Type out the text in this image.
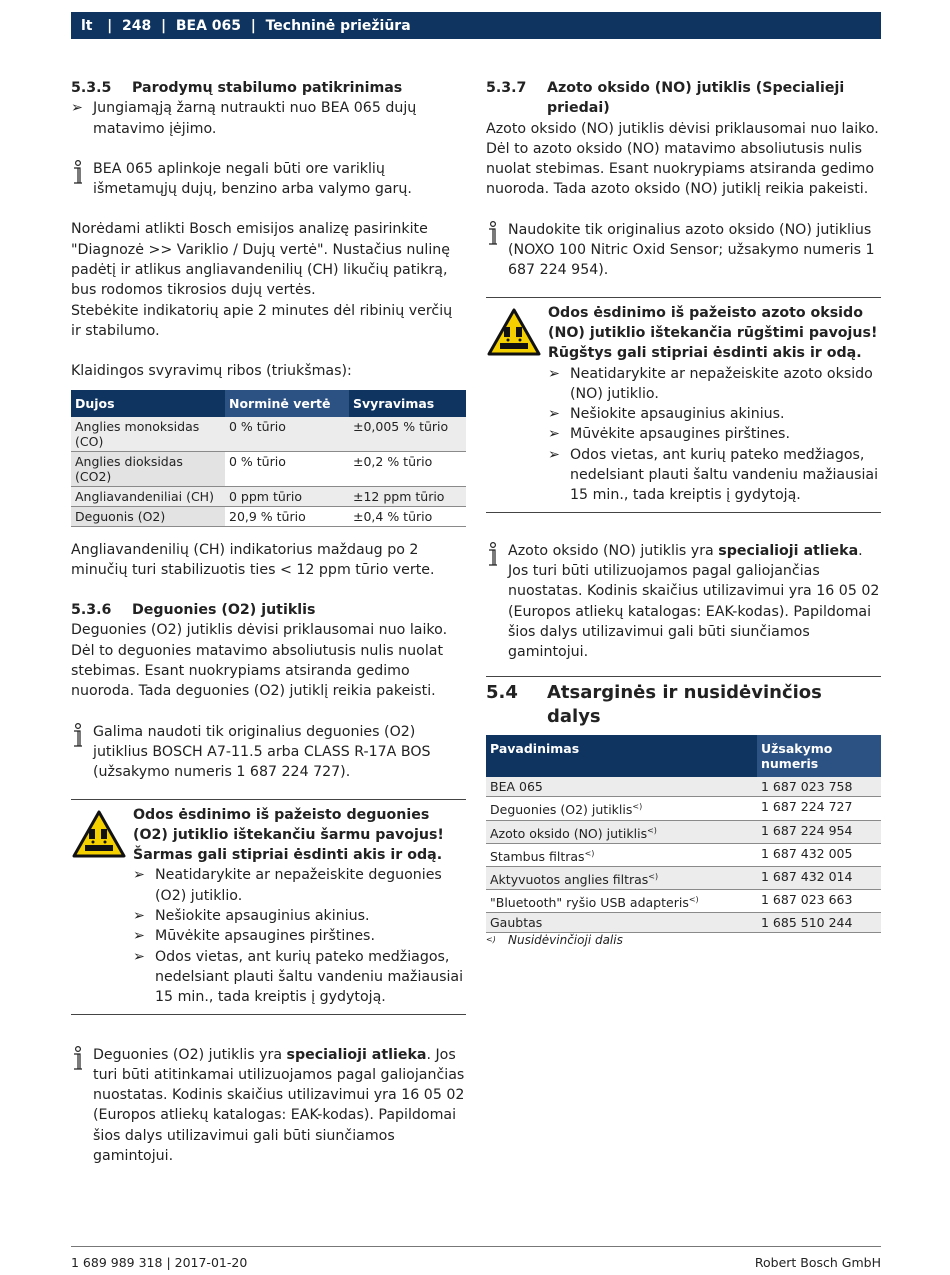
lt | 248 | BEA 065 | Techninė priežiūra
5.3.5	Parodymų stabilumo patikrinimas
➢ Jungiamąją žarną nutraukti nuo BEA 065 dujų matavimo įėjimo.
BEA 065 aplinkoje negali būti ore variklių išmetamųjų dujų, benzino arba valymo garų.

Norėdami atlikti Bosch emisijos analizę pasirinkite "Diagnozė >> Variklio / Dujų vertė". Nustačius nulinę padėtį ir atlikus angliavandenilių (CH) likučių patikrą, bus rodomos tikrosios dujų vertės.

Stebėkite indikatorių apie 2 minutes dėl ribinių verčių ir stabilumo.

Klaidingos svyravimų ribos (triukšmas):

Dujos	Norminė vertė	Svyravimas
Anglies monoksidas (CO)	0 % tūrio	±0,005 % tūrio
Anglies dioksidas (CO2)	0 % tūrio	±0,2 % tūrio
Angliavandeniliai (CH)	0 ppm tūrio	±12 ppm tūrio
Deguonis (O2)	20,9 % tūrio	±0,4 % tūrio

Angliavandenilių (CH) indikatorius maždaug po 2 minučių turi stabilizuotis ties < 12 ppm tūrio verte.

5.3.6	Deguonies (O2) jutiklis

Deguonies (O2) jutiklis dėvisi priklausomai nuo laiko. Dėl to deguonies matavimo absoliutusis nulis nuolat stebimas. Esant nuokrypiams atsiranda gedimo nuoroda. Tada deguonies (O2) jutiklį reikia pakeisti.

Galima naudoti tik originalius deguonies (O2) jutiklius BOSCH A7-11.5 arba CLASS R-17A BOS (užsakymo numeris 1 687 224 727).

Odos ėsdinimo iš pažeisto deguonies (O2) jutiklio ištekančiu šarmu pavojus!

Šarmas gali stipriai ėsdinti akis ir odą.

➢ Neatidarykite ar nepažeiskite deguonies (O2) jutiklio.
➢ Nešiokite apsauginius akinius.
➢ Mūvėkite apsaugines pirštines.
➢ Odos vietas, ant kurių pateko medžiagos, nedelsiant plauti šaltu vandeniu mažiausiai 15 min., tada kreiptis į gydytoją.
Deguonies (O2) jutiklis yra specialioji atlieka. Jos turi būti atitinkamai utilizuojamos pagal galiojančias nuostatas. Kodinis skaičius utilizavimui yra 16 05 02 (Europos atliekų katalogas: EAK-kodas). Papildomai šios dalys utilizavimui gali būti siunčiamos gamintojui.
5.3.7	Azoto oksido (NO) jutiklis (Specialieji priedai)

Azoto oksido (NO) jutiklis dėvisi priklausomai nuo laiko. Dėl to azoto oksido (NO) matavimo absoliutusis nulis nuolat stebimas. Esant nuokrypiams atsiranda gedimo nuoroda. Tada azoto oksido (NO) jutiklį reikia pakeisti.

Naudokite tik originalius azoto oksido (NO) jutiklius (NOXO 100 Nitric Oxid Sensor; užsakymo numeris 1 687 224 954).

Odos ėsdinimo iš pažeisto azoto oksido (NO) jutiklio ištekančia rūgštimi pavojus!

Rūgštys gali stipriai ėsdinti akis ir odą.

➢ Neatidarykite ar nepažeiskite azoto oksido (NO) jutiklio.
➢ Nešiokite apsauginius akinius.
➢ Mūvėkite apsaugines pirštines.
➢ Odos vietas, ant kurių pateko medžiagos, nedelsiant plauti šaltu vandeniu mažiausiai 15 min., tada kreiptis į gydytoją.
Azoto oksido (NO) jutiklis yra specialioji atlieka. Jos turi būti utilizuojamos pagal galiojančias nuostatas. Kodinis skaičius utilizavimui yra 16 05 02 (Europos atliekų katalogas: EAK-kodas). Papildomai šios dalys utilizavimui gali būti siunčiamos gamintojui.
5.4	Atsarginės ir nusidėvinčios dalys
Pavadinimas	Užsakymo numeris
BEA 065	1 687 023 758
Deguonies (O2) jutiklis<)	1 687 224 727
Azoto oksido (NO) jutiklis<)	1 687 224 954
Stambus filtras<)	1 687 432 005
Aktyvuotos anglies filtras<)	1 687 432 014
"Bluetooth" ryšio USB adapteris<)	1 687 023 663
Gaubtas	1 685 510 244
<)	Nusidėvinčioji dalis
1 689 989 318 | 2017-01-20	Robert Bosch GmbH
